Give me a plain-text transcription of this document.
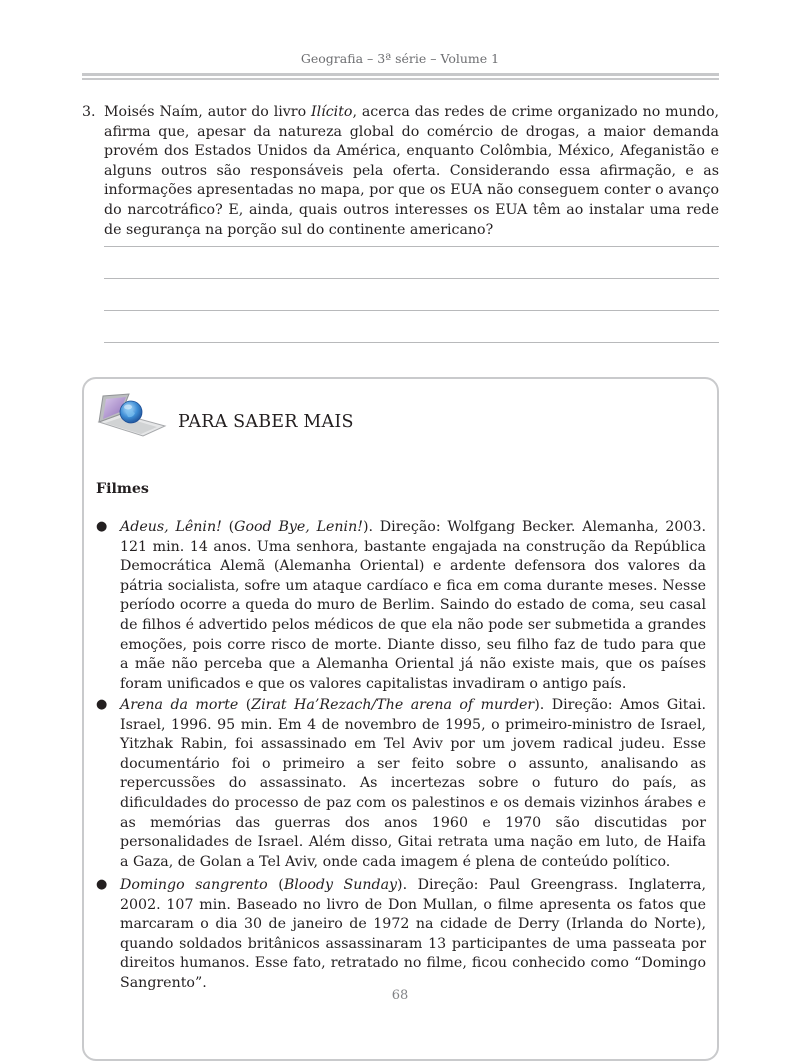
Geografia – 3ª série – Volume 1
3. Moisés Naím, autor do livro Ilícito, acerca das redes de crime organizado no mundo, afirma que, apesar da natureza global do comércio de drogas, a maior demanda provém dos Estados Unidos da América, enquanto Colômbia, México, Afeganistão e alguns outros são responsáveis pela oferta. Considerando essa afirmação, e as informações apresentadas no mapa, por que os EUA não conseguem conter o avanço do narcotráfico? E, ainda, quais outros interesses os EUA têm ao instalar uma rede de segurança na porção sul do continente americano?
PARA SABER MAIS
Filmes
● Adeus, Lênin! (Good Bye, Lenin!). Direção: Wolfgang Becker. Alemanha, 2003. 121 min. 14 anos. Uma senhora, bastante engajada na construção da República Democrática Alemã (Alemanha Oriental) e ardente defensora dos valores da pátria socialista, sofre um ataque cardíaco e fica em coma durante meses. Nesse período ocorre a queda do muro de Berlim. Saindo do estado de coma, seu casal de filhos é advertido pelos médicos de que ela não pode ser submetida a grandes emoções, pois corre risco de morte. Diante disso, seu filho faz de tudo para que a mãe não perceba que a Alemanha Oriental já não existe mais, que os países foram unificados e que os valores capitalistas invadiram o antigo país.
● Arena da morte (Zirat Ha’Rezach/The arena of murder). Direção: Amos Gitai. Israel, 1996. 95 min. Em 4 de novembro de 1995, o primeiro-ministro de Israel, Yitzhak Rabin, foi assassinado em Tel Aviv por um jovem radical judeu. Esse documentário foi o primeiro a ser feito sobre o assunto, analisando as repercussões do assassinato. As incertezas sobre o futuro do país, as dificuldades do processo de paz com os palestinos e os demais vizinhos árabes e as memórias das guerras dos anos 1960 e 1970 são discutidas por personalidades de Israel. Além disso, Gitai retrata uma nação em luto, de Haifa a Gaza, de Golan a Tel Aviv, onde cada imagem é plena de conteúdo político.
● Domingo sangrento (Bloody Sunday). Direção: Paul Greengrass. Inglaterra, 2002. 107 min. Baseado no livro de Don Mullan, o filme apresenta os fatos que marcaram o dia 30 de janeiro de 1972 na cidade de Derry (Irlanda do Norte), quando soldados britânicos assassinaram 13 participantes de uma passeata por direitos humanos. Esse fato, retratado no filme, ficou conhecido como “Domingo Sangrento”.
68
